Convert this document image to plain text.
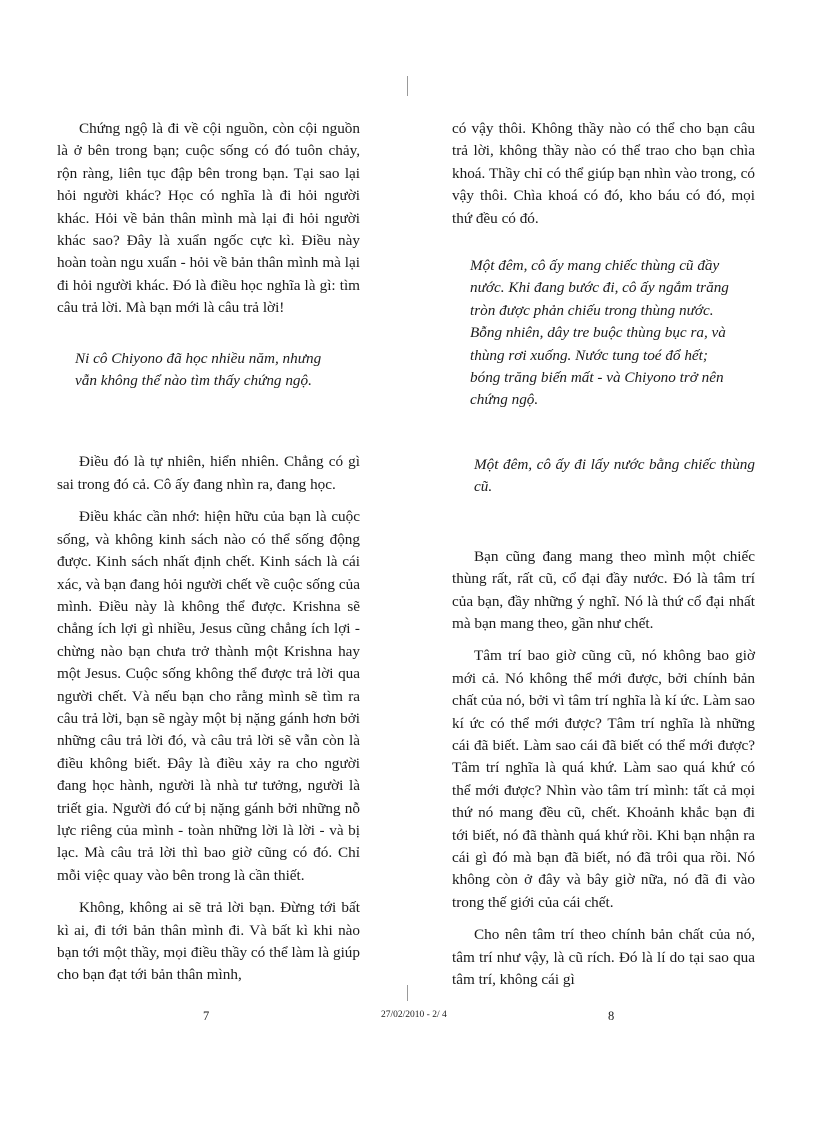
Chứng ngộ là đi về cội nguồn, còn cội nguồn là ở bên trong bạn; cuộc sống có đó tuôn chảy, rộn ràng, liên tục đập bên trong bạn. Tại sao lại hỏi người khác? Học có nghĩa là đi hỏi người khác. Hỏi về bản thân mình mà lại đi hỏi người khác sao? Đây là xuẩn ngốc cực kì. Điều này hoàn toàn ngu xuẩn - hỏi về bản thân mình mà lại đi hỏi người khác. Đó là điều học nghĩa là gì: tìm câu trả lời. Mà bạn mới là câu trả lời!

Ni cô Chiyono đã học nhiều năm, nhưng
vẫn không thể nào tìm thấy chứng ngộ.

Điều đó là tự nhiên, hiển nhiên. Chẳng có gì sai trong đó cả. Cô ấy đang nhìn ra, đang học.

Điều khác cần nhớ: hiện hữu của bạn là cuộc sống, và không kinh sách nào có thể sống động được. Kinh sách nhất định chết. Kinh sách là cái xác, và bạn đang hỏi người chết về cuộc sống của mình. Điều này là không thể được. Krishna sẽ chẳng ích lợi gì nhiều, Jesus cũng chẳng ích lợi - chừng nào bạn chưa trở thành một Krishna hay một Jesus. Cuộc sống không thể được trả lời qua người chết. Và nếu bạn cho rằng mình sẽ tìm ra câu trả lời, bạn sẽ ngày một bị nặng gánh hơn bởi những câu trả lời đó, và câu trả lời sẽ vẫn còn là điều không biết. Đây là điều xảy ra cho người đang học hành, người là nhà tư tưởng, người là triết gia. Người đó cứ bị nặng gánh bởi những nỗ lực riêng của mình - toàn những lời là lời - và bị lạc. Mà câu trả lời thì bao giờ cũng có đó. Chỉ mỗi việc quay vào bên trong là cần thiết.

Không, không ai sẽ trả lời bạn. Đừng tới bất kì ai, đi tới bản thân mình đi. Và bất kì khi nào bạn tới một thầy, mọi điều thầy có thể làm là giúp cho bạn đạt tới bản thân mình,

có vậy thôi. Không thầy nào có thể cho bạn câu trả lời, không thầy nào có thể trao cho bạn chìa khoá. Thầy chỉ có thể giúp bạn nhìn vào trong, có vậy thôi. Chìa khoá có đó, kho báu có đó, mọi thứ đều có đó.

Một đêm, cô ấy mang chiếc thùng cũ đầy
nước. Khi đang bước đi, cô ấy ngắm trăng
tròn được phản chiếu trong thùng nước.
Bỗng nhiên, dây tre buộc thùng bục ra, và
thùng rơi xuống. Nước tung toé đổ hết;
bóng trăng biến mất - và Chiyono trở nên
chứng ngộ.

Một đêm, cô ấy đi lấy nước bằng chiếc thùng cũ.

Bạn cũng đang mang theo mình một chiếc thùng rất, rất cũ, cổ đại đầy nước. Đó là tâm trí của bạn, đầy những ý nghĩ. Nó là thứ cổ đại nhất mà bạn mang theo, gần như chết.

Tâm trí bao giờ cũng cũ, nó không bao giờ mới cả. Nó không thể mới được, bởi chính bản chất của nó, bởi vì tâm trí nghĩa là kí ức. Làm sao kí ức có thể mới được? Tâm trí nghĩa là những cái đã biết. Làm sao cái đã biết có thể mới được? Tâm trí nghĩa là quá khứ. Làm sao quá khứ có thể mới được? Nhìn vào tâm trí mình: tất cả mọi thứ nó mang đều cũ, chết. Khoảnh khắc bạn đi tới biết, nó đã thành quá khứ rồi. Khi bạn nhận ra cái gì đó mà bạn đã biết, nó đã trôi qua rồi. Nó không còn ở đây và bây giờ nữa, nó đã đi vào trong thế giới của cái chết.

Cho nên tâm trí theo chính bản chất của nó, tâm trí như vậy, là cũ rích. Đó là lí do tại sao qua tâm trí, không cái gì

7	27/02/2010 - 2/ 4	8
